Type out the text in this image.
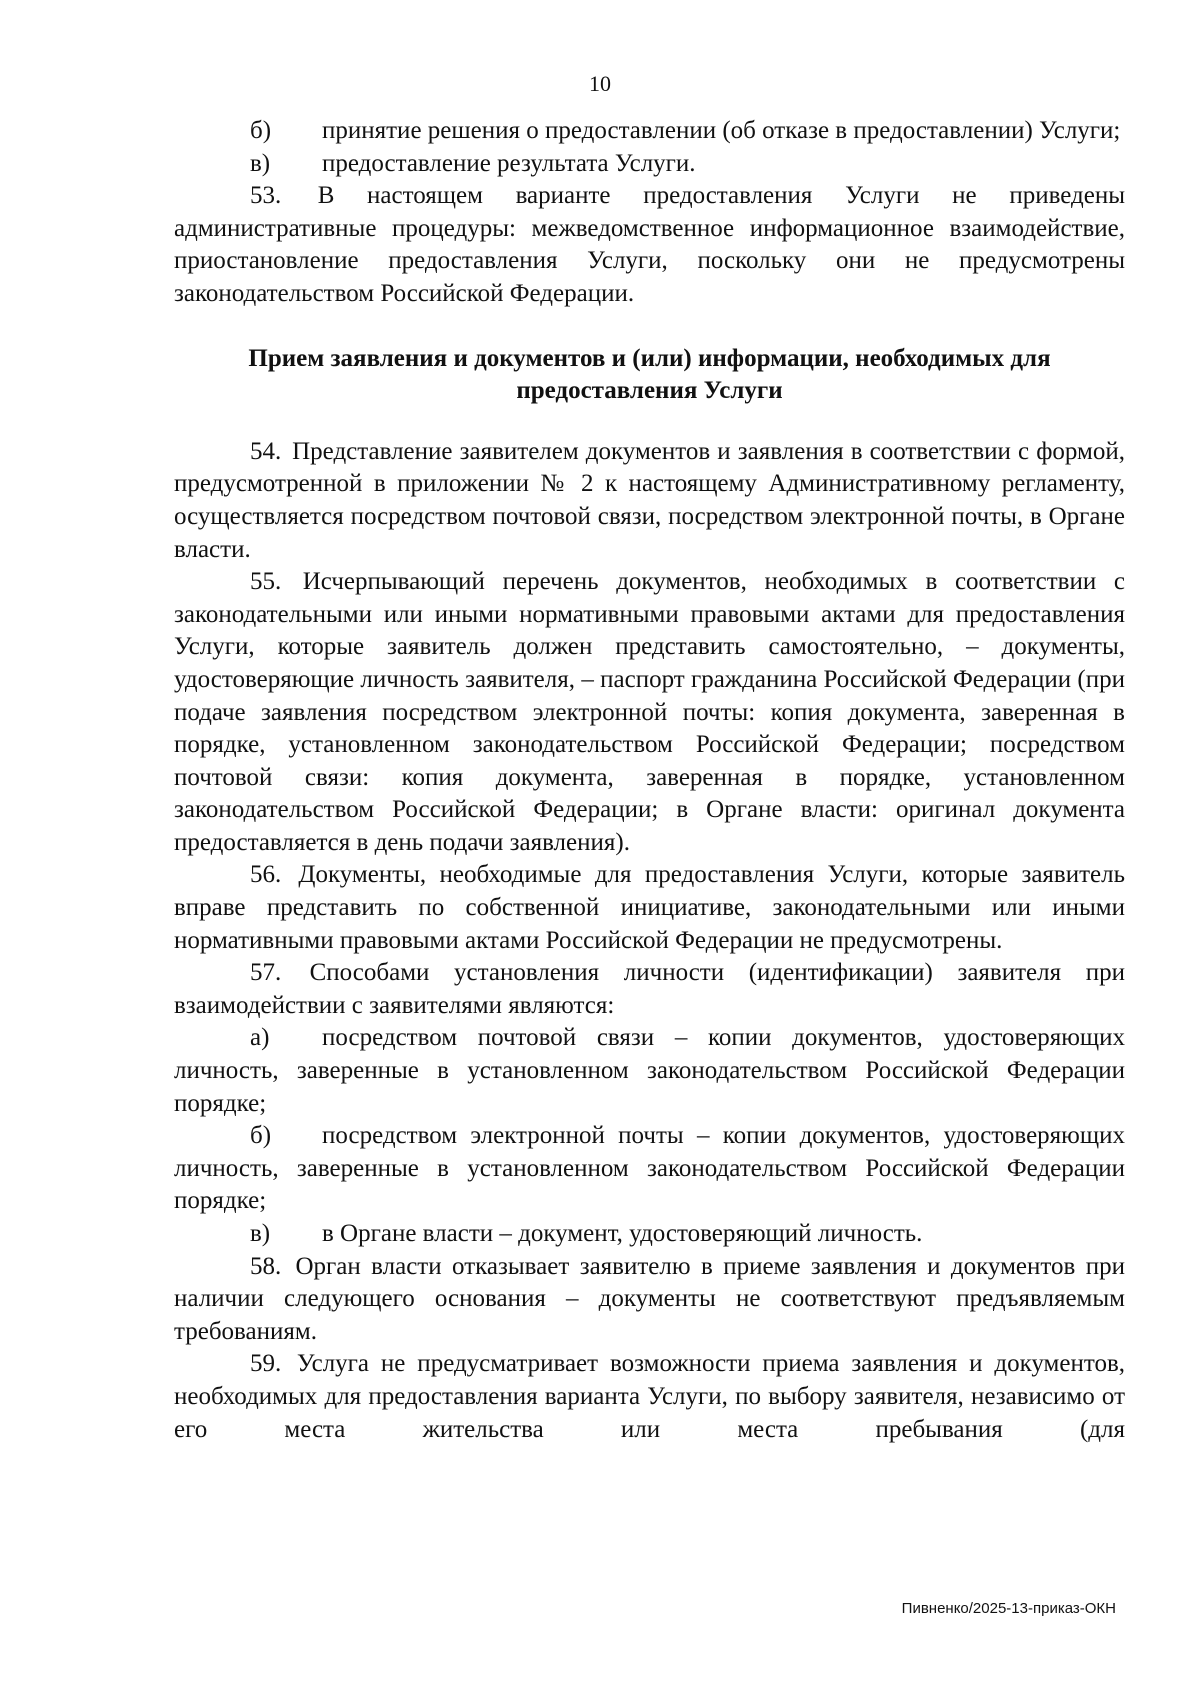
10

б) принятие решения о предоставлении (об отказе в предоставлении) Услуги;

в) предоставление результата Услуги.

53. В настоящем варианте предоставления Услуги не приведены административные процедуры: межведомственное информационное взаимодействие, приостановление предоставления Услуги, поскольку они не предусмотрены законодательством Российской Федерации.

Прием заявления и документов и (или) информации, необходимых для предоставления Услуги

54. Представление заявителем документов и заявления в соответствии с формой, предусмотренной в приложении № 2 к настоящему Административному регламенту, осуществляется посредством почтовой связи, посредством электронной почты, в Органе власти.

55. Исчерпывающий перечень документов, необходимых в соответствии с законодательными или иными нормативными правовыми актами для предоставления Услуги, которые заявитель должен представить самостоятельно, – документы, удостоверяющие личность заявителя, – паспорт гражданина Российской Федерации (при подаче заявления посредством электронной почты: копия документа, заверенная в порядке, установленном законодательством Российской Федерации; посредством почтовой связи: копия документа, заверенная в порядке, установленном законодательством Российской Федерации; в Органе власти: оригинал документа предоставляется в день подачи заявления).

56. Документы, необходимые для предоставления Услуги, которые заявитель вправе представить по собственной инициативе, законодательными или иными нормативными правовыми актами Российской Федерации не предусмотрены.

57. Способами установления личности (идентификации) заявителя при взаимодействии с заявителями являются:

а) посредством почтовой связи – копии документов, удостоверяющих личность, заверенные в установленном законодательством Российской Федерации порядке;

б) посредством электронной почты – копии документов, удостоверяющих личность, заверенные в установленном законодательством Российской Федерации порядке;

в) в Органе власти – документ, удостоверяющий личность.

58. Орган власти отказывает заявителю в приеме заявления и документов при наличии следующего основания – документы не соответствуют предъявляемым требованиям.

59. Услуга не предусматривает возможности приема заявления и документов, необходимых для предоставления варианта Услуги, по выбору заявителя, независимо от его места жительства или места пребывания (для

Пивненко/2025-13-приказ-ОКН
